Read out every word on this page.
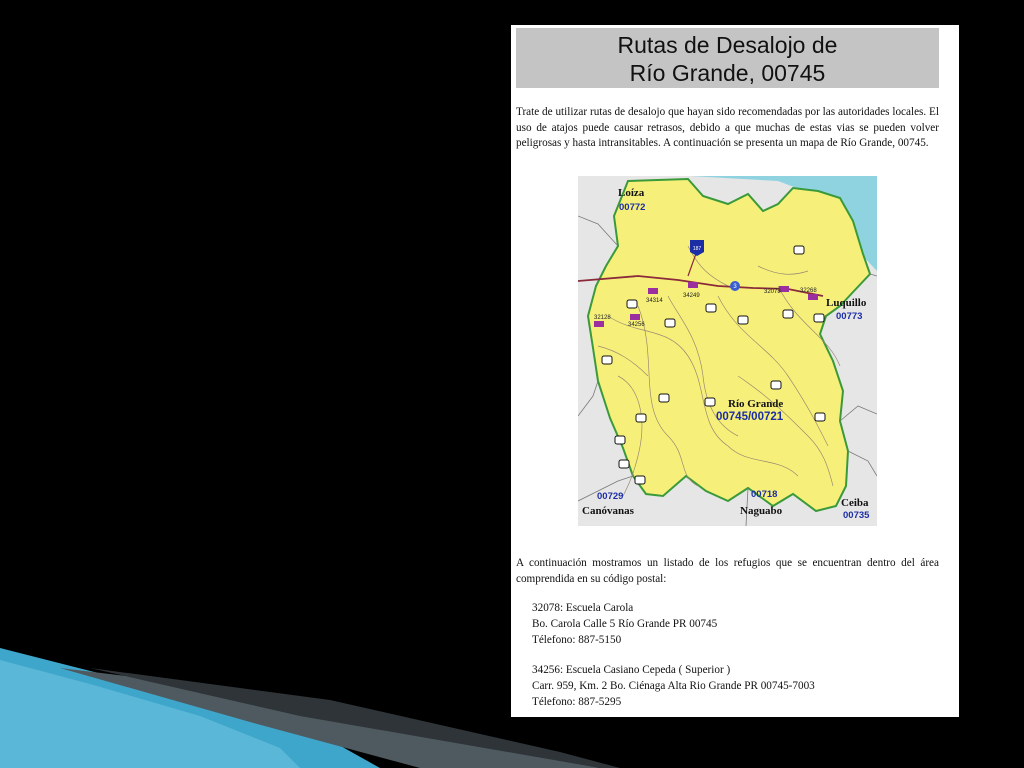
Rutas de Desalojo de
Río Grande, 00745
Trate de utilizar rutas de desalojo que hayan sido recomendadas por las autoridades locales. El uso de atajos puede causar retrasos, debido a que muchas de estas vias se pueden volver peligrosas y hasta intransitables. A continuación se presenta un mapa de Río Grande, 00745.
187
3
34314
34249
32078	32268
32128
34256
Loíza
00772
Luquillo
00773
Río Grande
00745/00721
00729
Canóvanas
00718
Naguabo
Ceiba
00735
A continuación mostramos un listado de los refugios que se encuentran dentro del área comprendida en su código postal:
32078: Escuela Carola
Bo. Carola Calle 5 Río Grande PR 00745
Télefono: 887-5150
34256: Escuela Casiano Cepeda ( Superior )
Carr. 959, Km. 2 Bo. Ciénaga Alta Rio Grande PR 00745-7003
Télefono: 887-5295
